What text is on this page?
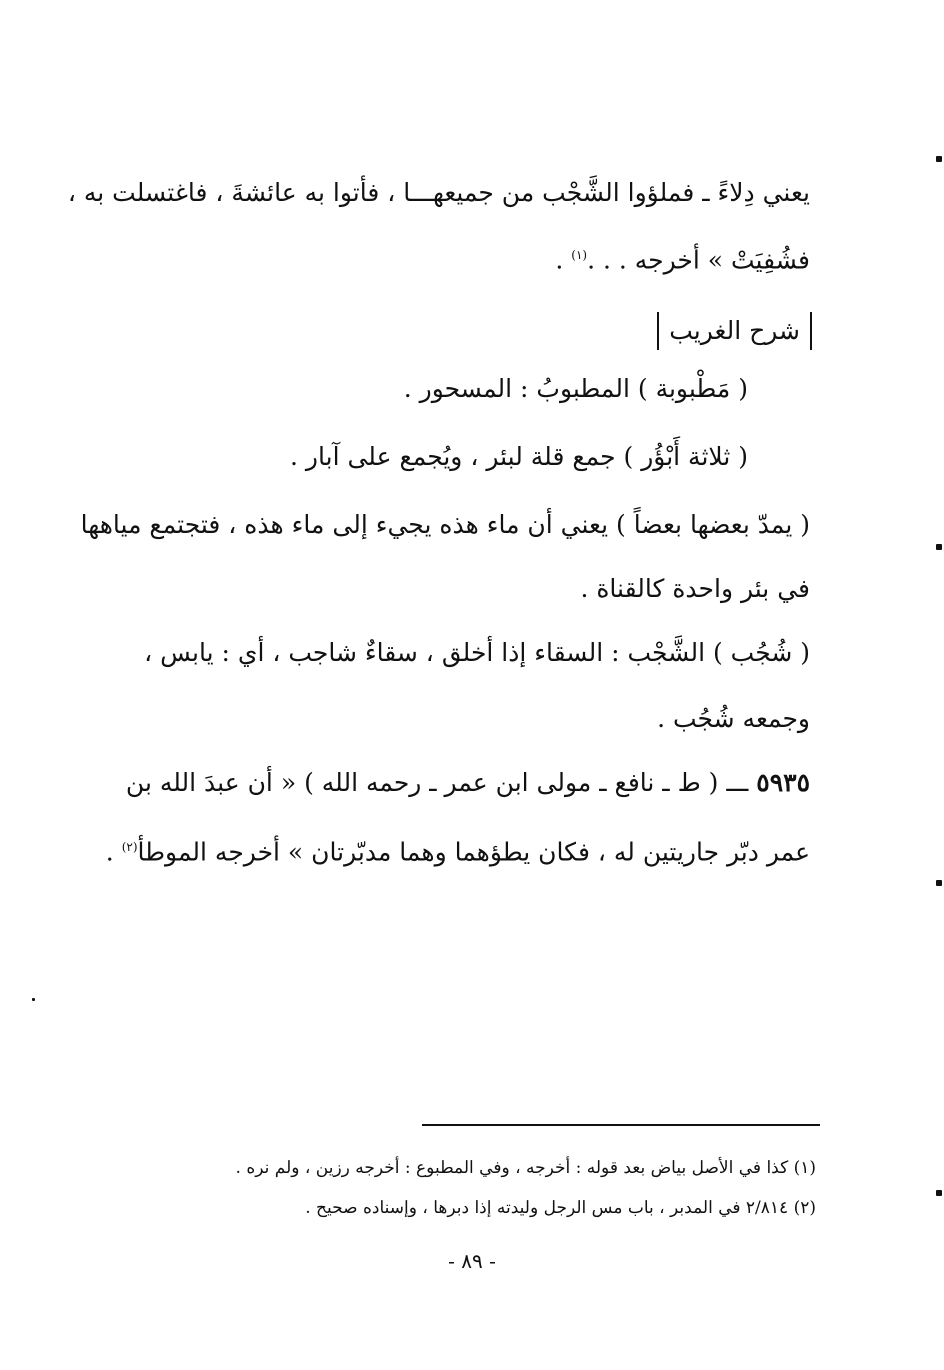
يعني دِلاءً ـ فملؤوا الشَّجْب من جميعهـــا ، فأتوا به عائشةَ ، فاغتسلت به ،
فشُفِيَتْ » أخرجه . . .$^{(١)}$ .
شرح الغريب
( مَطْبوبة ) المطبوبُ : المسحور .
( ثلاثة أَبْؤُر ) جمع قلة لبئر ، ويُجمع على آبار .
( يمدّ بعضها بعضاً ) يعني أن ماء هذه يجيء إلى ماء هذه ، فتجتمع مياهها
في بئر واحدة كالقناة .
( شُجُب ) الشَّجْب : السقاء إذا أخلق ، سقاءٌ شاجب ، أي : يابس ،
وجمعه شُجُب .
٥٩٣٥ ـــ ( ط ـ نافع ـ مولى ابن عمر ـ رحمه الله ) « أن عبدَ الله بن
عمر دبّر جاريتين له ، فكان يطؤهما وهما مدبّرتان » أخرجه الموطأ$^{(٢)}$ .
(١) كذا في الأصل بياض بعد قوله : أخرجه ، وفي المطبوع : أخرجه رزين ، ولم نره .
(٢) ٢/٨١٤ في المدبر ، باب مس الرجل وليدته إذا دبرها ، وإسناده صحيح .
- ٨٩ -
